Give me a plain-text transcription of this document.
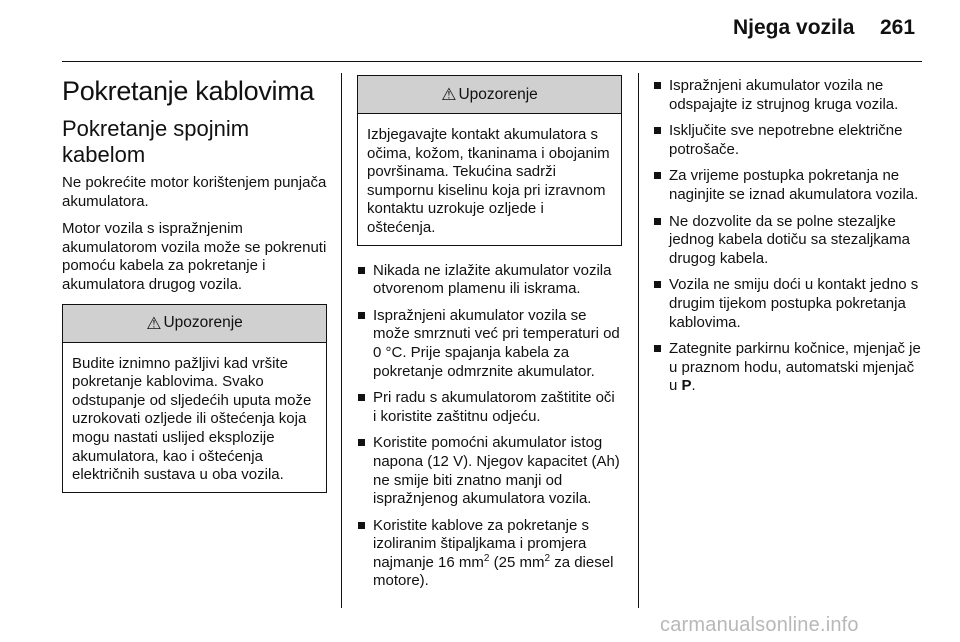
Njega vozila 261
Pokretanje kablovima
Pokretanje spojnim kabelom

Ne pokrećite motor korištenjem punjača akumulatora.

Motor vozila s ispražnjenim akumulatorom vozila može se pokrenuti pomoću kabela za pokretanje i akumulatora drugog vozila.

⚠ Upozorenje
Budite iznimno pažljivi kad vršite pokretanje kablovima. Svako odstupanje od sljedećih uputa može uzrokovati ozljede ili oštećenja koja mogu nastati uslijed eksplozije akumulatora, kao i oštećenja električnih sustava u oba vozila.
⚠ Upozorenje
Izbjegavajte kontakt akumulatora s očima, kožom, tkaninama i obojanim površinama. Tekućina sadrži sumpornu kiselinu koja pri izravnom kontaktu uzrokuje ozljede i oštećenja.
Nikada ne izlažite akumulator vozila otvorenom plamenu ili iskrama.
Ispražnjeni akumulator vozila se može smrznuti već pri temperaturi od 0 °C. Prije spajanja kabela za pokretanje odmrznite akumulator.
Pri radu s akumulatorom zaštitite oči i koristite zaštitnu odjeću.
Koristite pomoćni akumulator istog napona (12 V). Njegov kapacitet (Ah) ne smije biti znatno manji od ispražnjenog akumulatora vozila.
Koristite kablove za pokretanje s izoliranim štipaljkama i promjera najmanje 16 $mm^2$ (25 $mm^2$ za diesel motore).
Ispražnjeni akumulator vozila ne odspajajte iz strujnog kruga vozila.
Isključite sve nepotrebne električne potrošače.
Za vrijeme postupka pokretanja ne naginjite se iznad akumulatora vozila.
Ne dozvolite da se polne stezaljke jednog kabela dotiču sa stezaljkama drugog kabela.
Vozila ne smiju doći u kontakt jedno s drugim tijekom postupka pokretanja kablovima.
Zategnite parkirnu kočnice, mjenjač je u praznom hodu, automatski mjenjač u P.
carmanualsonline.info
